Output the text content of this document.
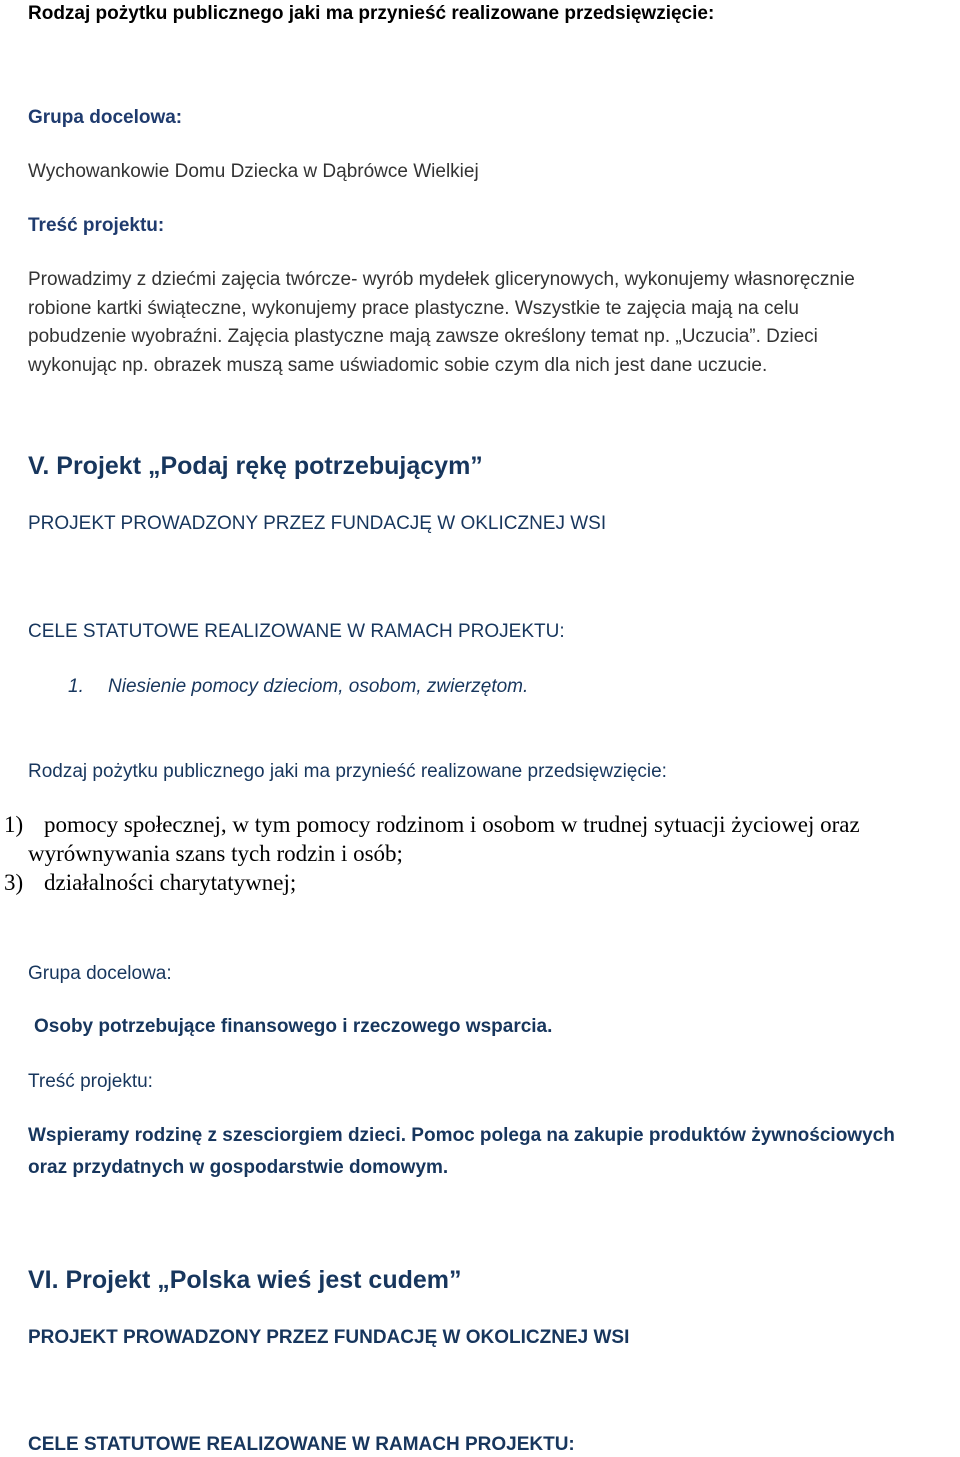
Rodzaj pożytku publicznego jaki ma przynieść realizowane przedsięwzięcie:

Grupa docelowa:

Wychowankowie Domu Dziecka w Dąbrówce Wielkiej

Treść projektu:

Prowadzimy z dziećmi zajęcia twórcze- wyrób mydełek glicerynowych, wykonujemy własnoręcznie

robione kartki świąteczne, wykonujemy prace plastyczne. Wszystkie te zajęcia mają na celu

pobudzenie wyobraźni. Zajęcia plastyczne mają zawsze określony temat np. „Uczucia”. Dzieci

wykonując np. obrazek muszą same uświadomic sobie czym dla nich jest dane uczucie.

V. Projekt „Podaj rękę potrzebującym”

PROJEKT PROWADZONY PRZEZ FUNDACJĘ W OKLICZNEJ WSI

CELE STATUTOWE REALIZOWANE W RAMACH PROJEKTU:

1. Niesienie pomocy dzieciom, osobom, zwierzętom.

Rodzaj pożytku publicznego jaki ma przynieść realizowane przedsięwzięcie:

1) pomocy społecznej, w tym pomocy rodzinom i osobom w trudnej sytuacji życiowej oraz

wyrównywania szans tych rodzin i osób;

3) działalności charytatywnej;

Grupa docelowa:

Osoby potrzebujące finansowego i rzeczowego wsparcia.

Treść projektu:

Wspieramy rodzinę z szesciorgiem dzieci. Pomoc polega na zakupie produktów żywnościowych

oraz przydatnych w gospodarstwie domowym.

VI. Projekt „Polska wieś jest cudem”

PROJEKT PROWADZONY PRZEZ FUNDACJĘ W OKOLICZNEJ WSI

CELE STATUTOWE REALIZOWANE W RAMACH PROJEKTU:
